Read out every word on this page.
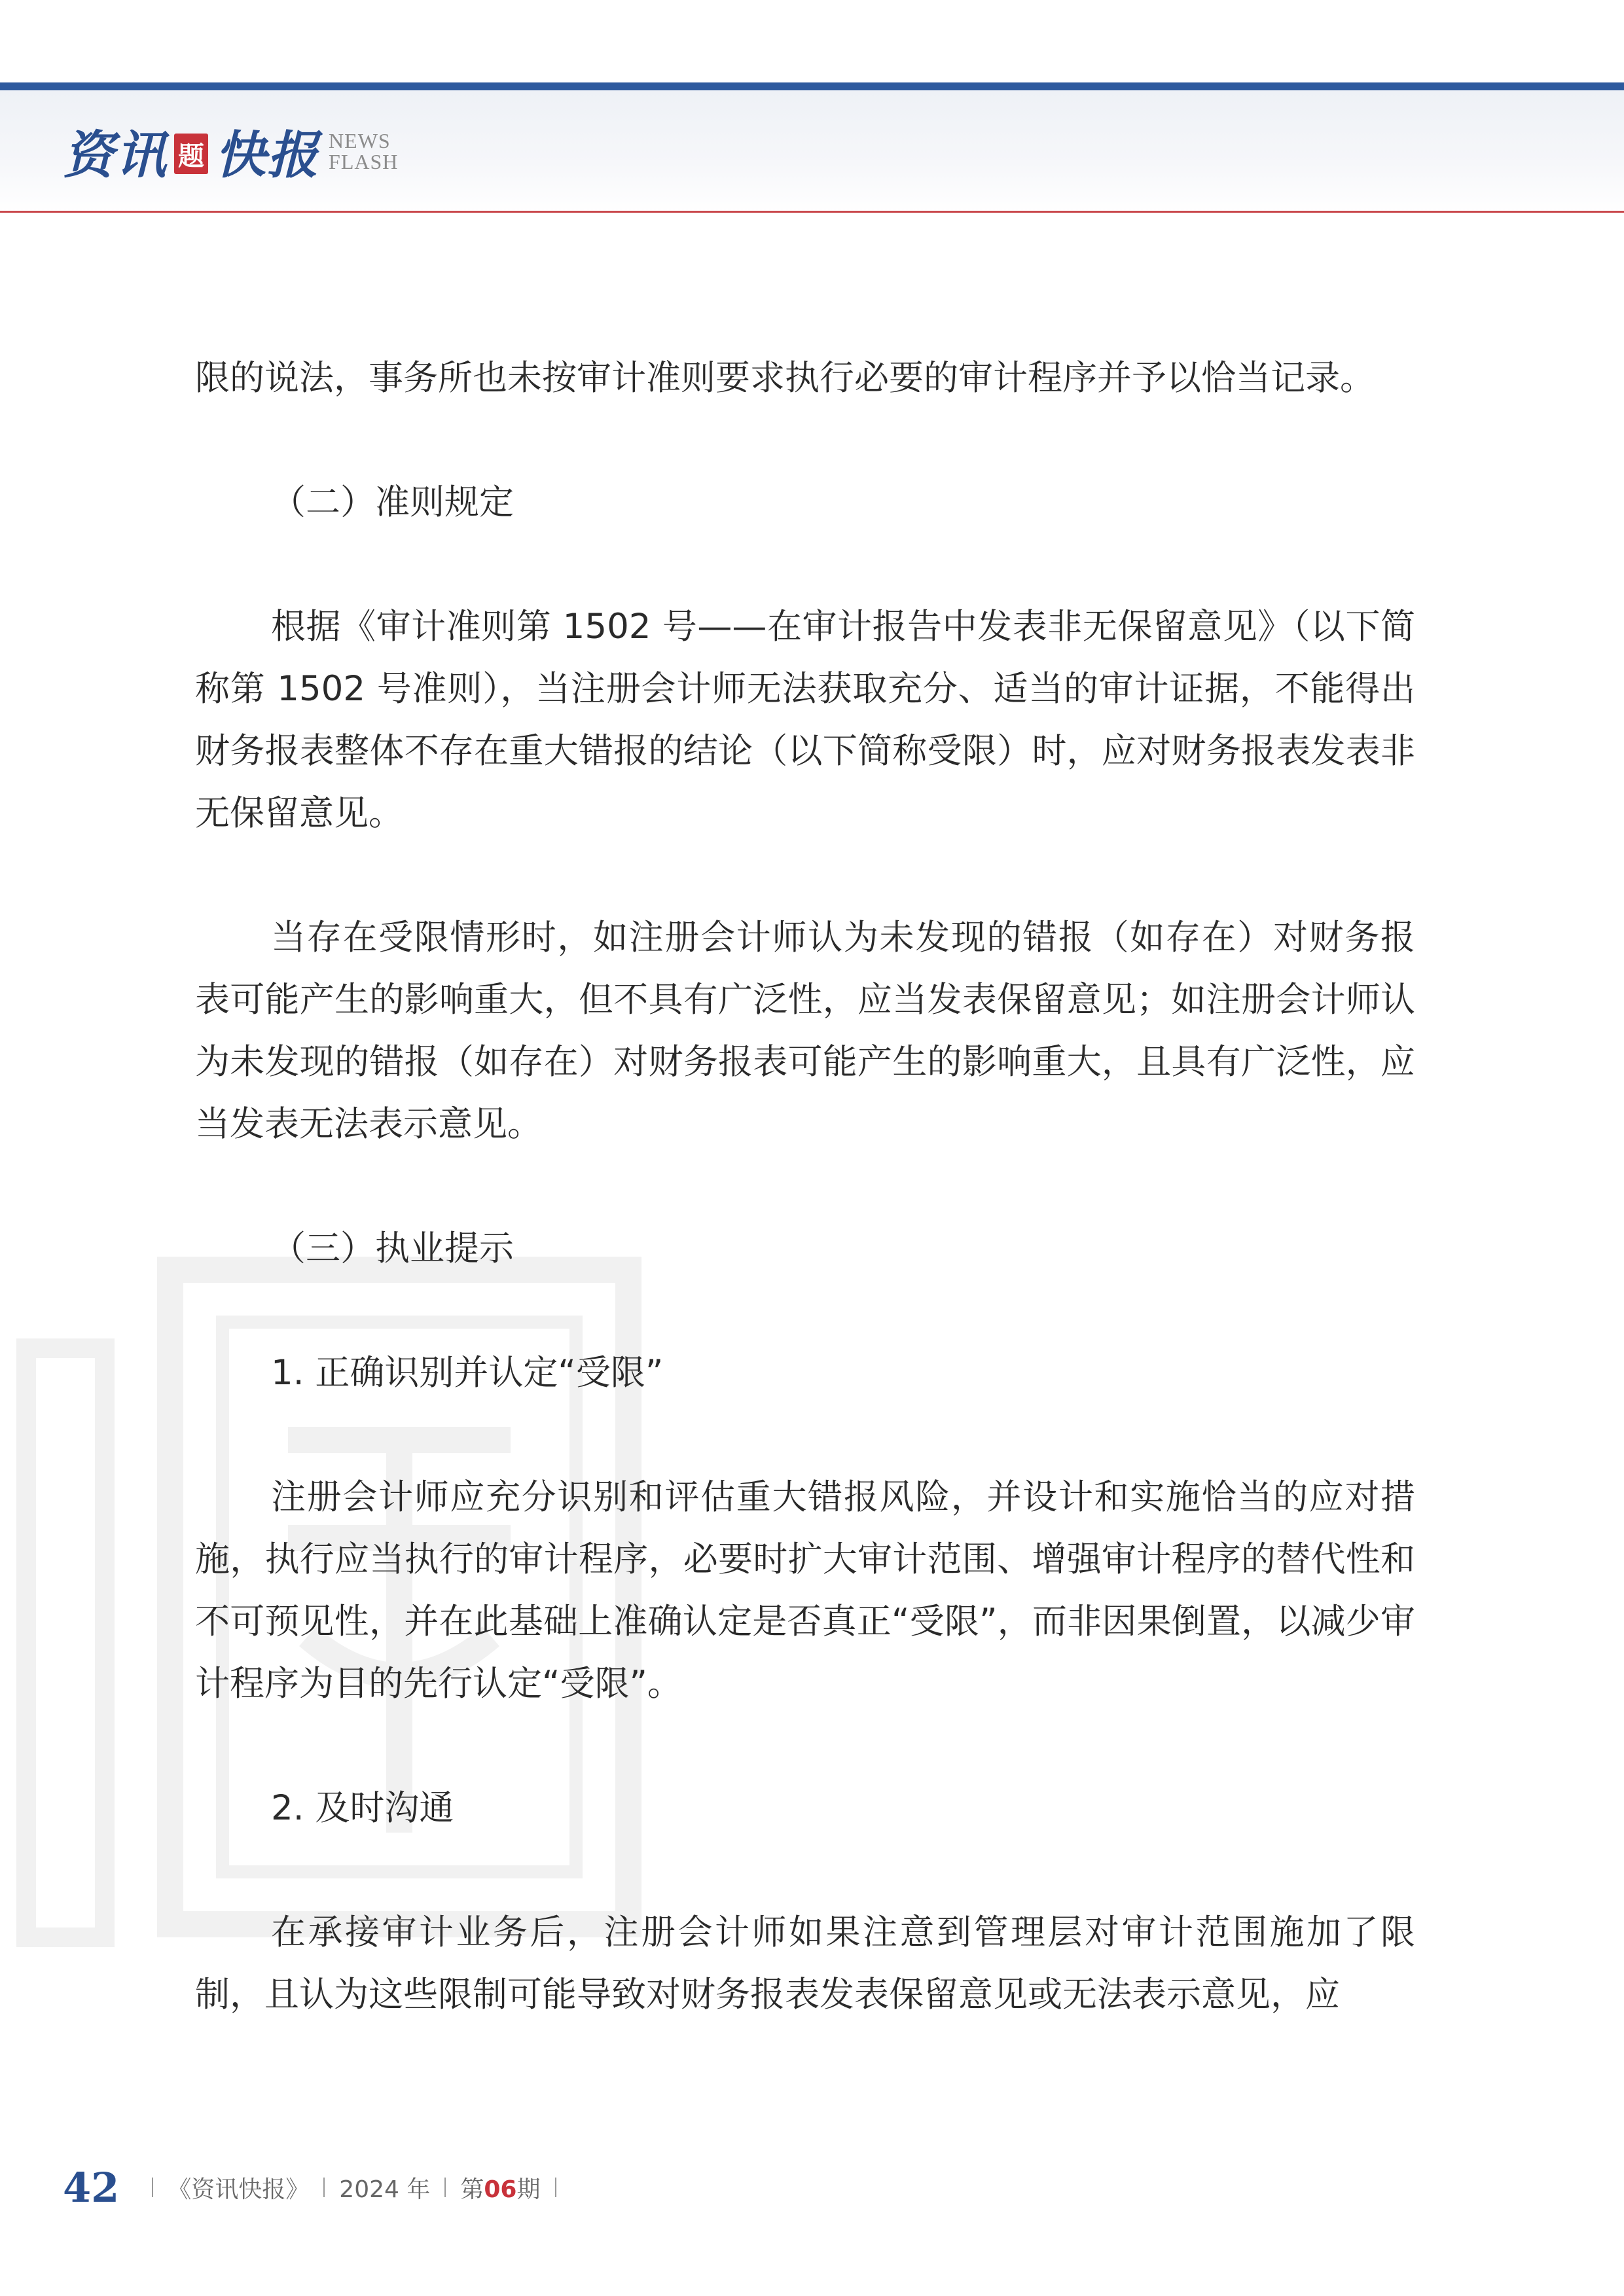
资讯 题 快报 NEWS
FLASH

限的说法，事务所也未按审计准则要求执行必要的审计程序并予以恰当记录。

（二）准则规定

根据《审计准则第 1502 号——在审计报告中发表非无保留意见》（以下简称第 1502 号准则），当注册会计师无法获取充分、适当的审计证据，不能得出财务报表整体不存在重大错报的结论（以下简称受限）时，应对财务报表发表非无保留意见。

当存在受限情形时，如注册会计师认为未发现的错报（如存在）对财务报表可能产生的影响重大，但不具有广泛性，应当发表保留意见；如注册会计师认为未发现的错报（如存在）对财务报表可能产生的影响重大，且具有广泛性，应当发表无法表示意见。

（三）执业提示

1. 正确识别并认定“受限”

注册会计师应充分识别和评估重大错报风险，并设计和实施恰当的应对措施，执行应当执行的审计程序，必要时扩大审计范围、增强审计程序的替代性和不可预见性，并在此基础上准确认定是否真正“受限”，而非因果倒置，以减少审计程序为目的先行认定“受限”。

2. 及时沟通

在承接审计业务后，注册会计师如果注意到管理层对审计范围施加了限制，且认为这些限制可能导致对财务报表发表保留意见或无法表示意见，应

42 《资讯快报》 2024 年 第06期
